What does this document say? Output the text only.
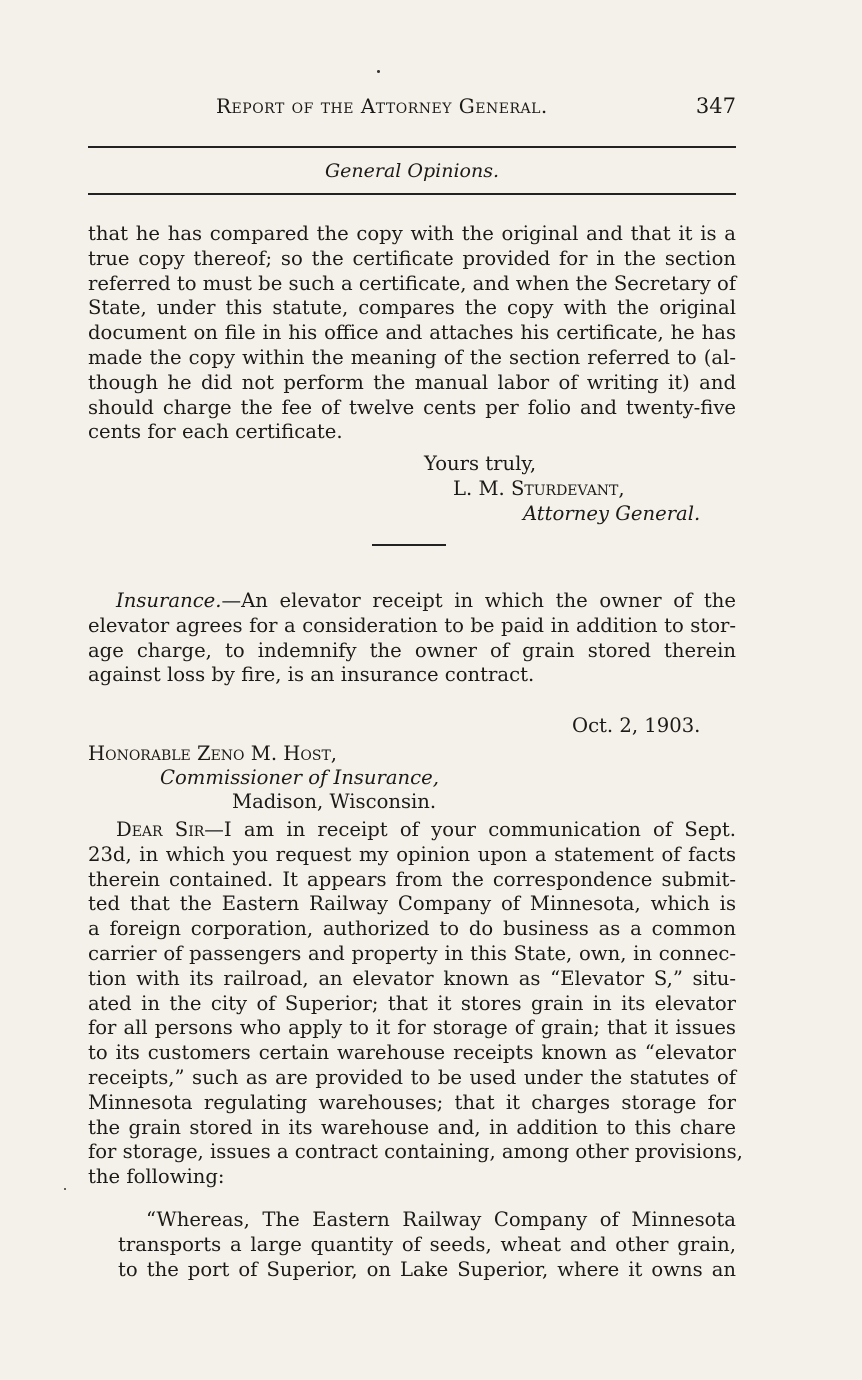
Report of the Attorney General.	347
General Opinions.
that he has compared the copy with the original and that it is a
true copy thereof; so the certificate provided for in the section
referred to must be such a certificate, and when the Secretary of
State, under this statute, compares the copy with the original
document on file in his office and attaches his certificate, he has
made the copy within the meaning of the section referred to (al-
though he did not perform the manual labor of writing it) and
should charge the fee of twelve cents per folio and twenty-five
cents for each certificate.
Yours truly,
L. M. Sturdevant,
Attorney General.
Insurance.—An elevator receipt in which the owner of the
elevator agrees for a consideration to be paid in addition to stor-
age charge, to indemnify the owner of grain stored therein
against loss by fire, is an insurance contract.
Oct. 2, 1903.
Honorable Zeno M. Host,
Commissioner of Insurance,
Madison, Wisconsin.
Dear Sir—I am in receipt of your communication of Sept.
23d, in which you request my opinion upon a statement of facts
therein contained. It appears from the correspondence submit-
ted that the Eastern Railway Company of Minnesota, which is
a foreign corporation, authorized to do business as a common
carrier of passengers and property in this State, own, in connec-
tion with its railroad, an elevator known as “Elevator S,” situ-
ated in the city of Superior; that it stores grain in its elevator
for all persons who apply to it for storage of grain; that it issues
to its customers certain warehouse receipts known as “elevator
receipts,” such as are provided to be used under the statutes of
Minnesota regulating warehouses; that it charges storage for
the grain stored in its warehouse and, in addition to this chare
for storage, issues a contract containing, among other provisions,
the following:
“Whereas, The Eastern Railway Company of Minnesota
transports a large quantity of seeds, wheat and other grain,
to the port of Superior, on Lake Superior, where it owns an
